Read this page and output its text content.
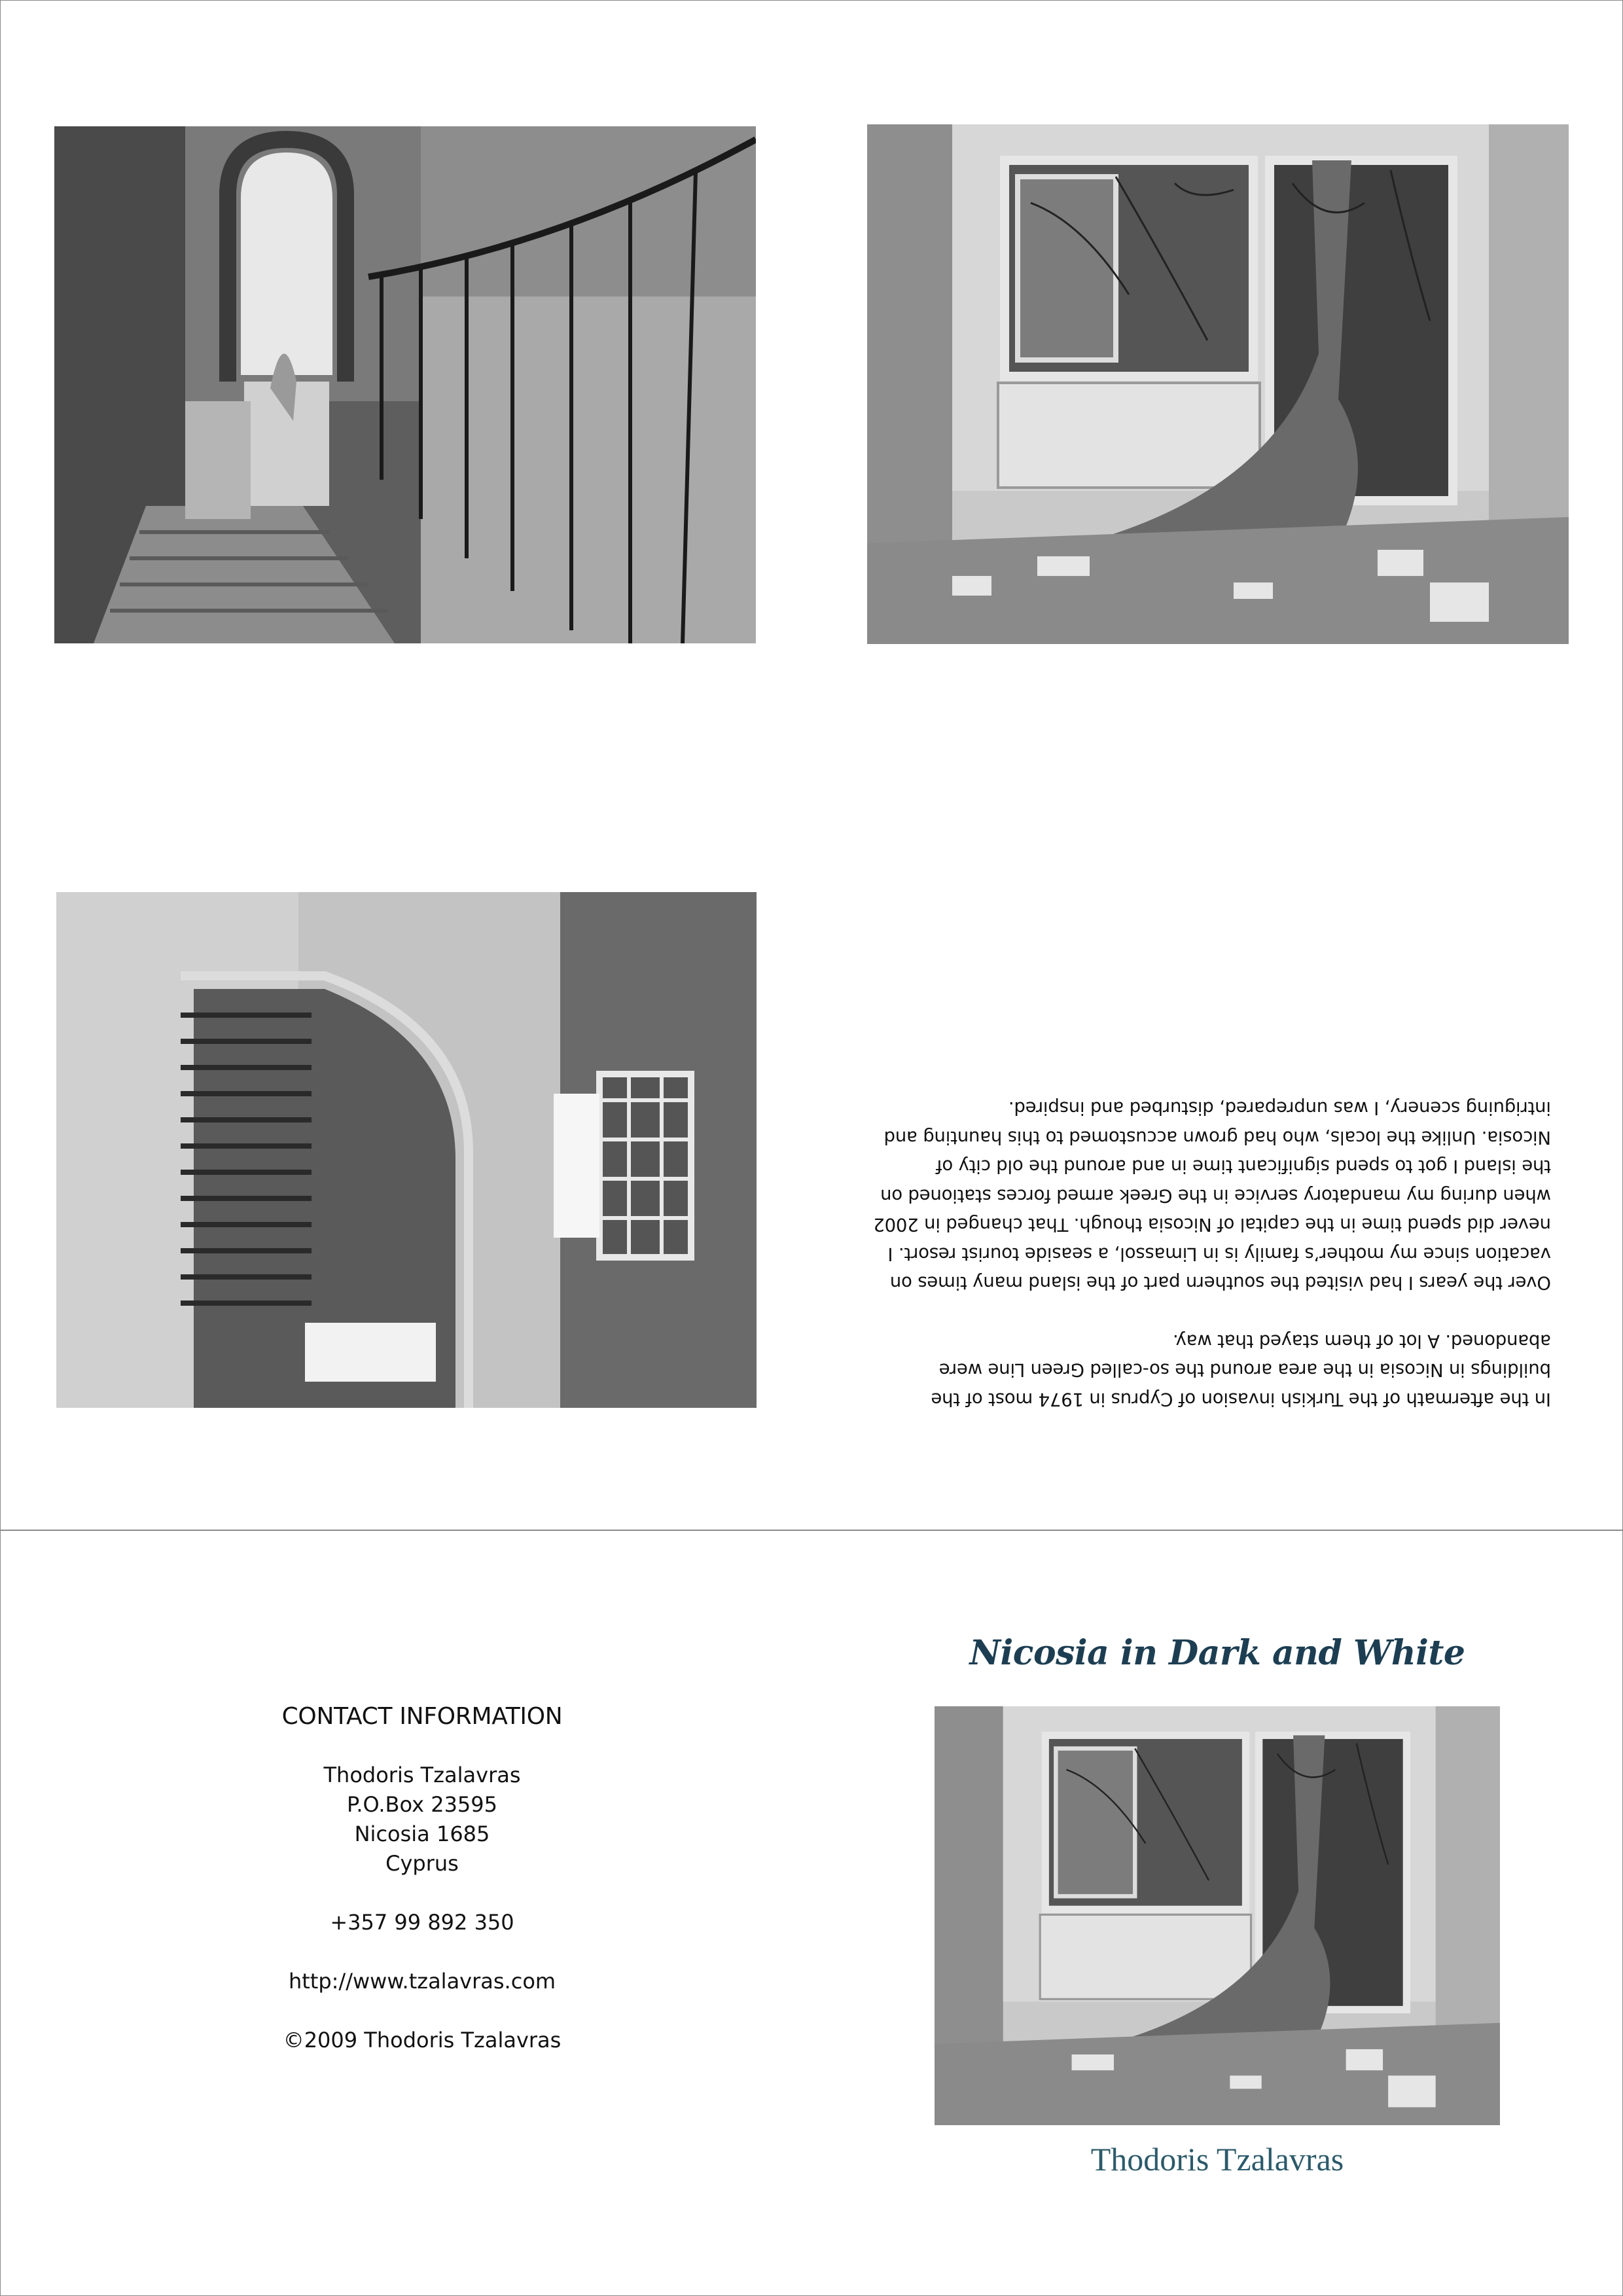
In the aftermath of the Turkish invasion of Cyprus in 1974 most of the buildings in Nicosia in the area around the so-called Green Line were abandoned. A lot of them stayed that way.

Over the years I had visited the southern part of the island many times on vacation since my mother’s family is in Limassol, a seaside tourist resort. I never did spend time in the capital of Nicosia though. That changed in 2002 when during my mandatory service in the Greek armed forces stationed on the island I got to spend significant time in and around the old city of Nicosia. Unlike the locals, who had grown accustomed to this haunting and intriguing scenery, I was unprepared, disturbed and inspired.

CONTACT INFORMATION
Thodoris Tzalavras
P.O.Box 23595
Nicosia 1685
Cyprus
+357 99 892 350
http://www.tzalavras.com
©2009 Thodoris Tzalavras
Nicosia in Dark and White
Thodoris Tzalavras
